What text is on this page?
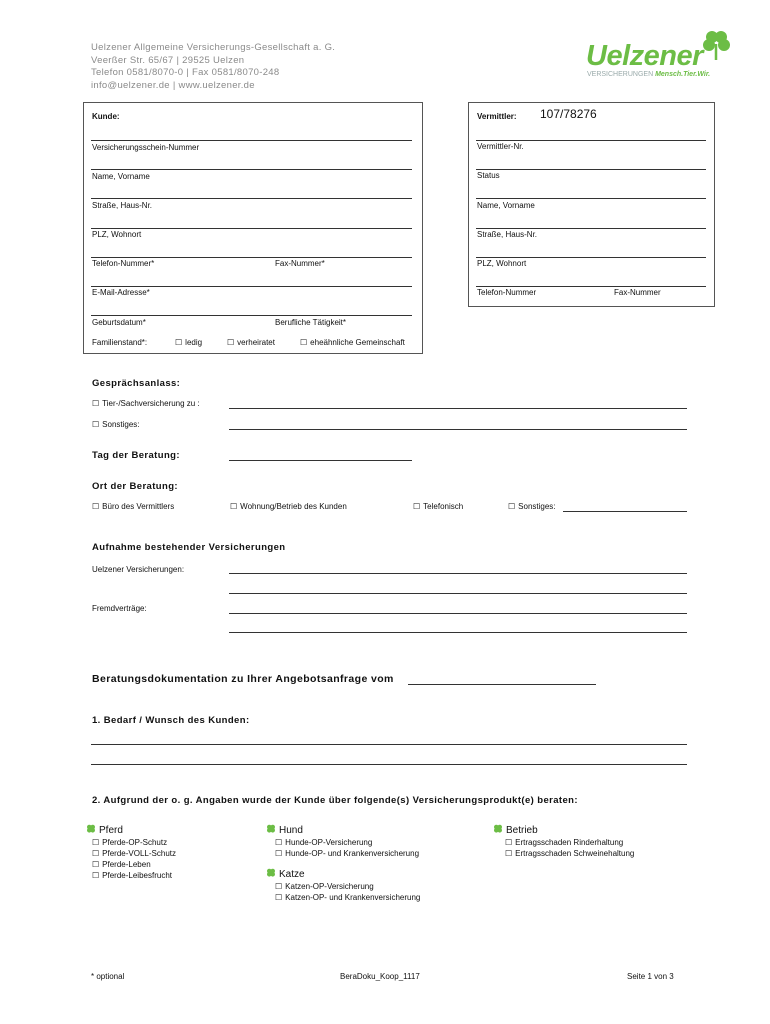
Uelzener Allgemeine Versicherungs-Gesellschaft a. G.
Veerßer Str. 65/67 | 29525 Uelzen
Telefon 0581/8070-0 | Fax 0581/8070-248
info@uelzener.de | www.uelzener.de
Uelzener
VERSICHERUNGEN Mensch.Tier.Wir.
Kunde:
Versicherungsschein-Nummer
Name, Vorname
Straße, Haus-Nr.
PLZ, Wohnort
Telefon-Nummer*	Fax-Nummer*
E-Mail-Adresse*
Geburtsdatum*	Berufliche Tätigkeit*
Familienstand*:	☐ ledig	☐ verheiratet	☐ eheähnliche Gemeinschaft
Vermittler: 107/78276
Vermittler-Nr.
Status
Name, Vorname
Straße, Haus-Nr.
PLZ, Wohnort
Telefon-Nummer	Fax-Nummer
Gesprächsanlass:
☐ Tier-/Sachversicherung zu :
☐ Sonstiges:
Tag der Beratung:
Ort der Beratung:
☐ Büro des Vermittlers	☐ Wohnung/Betrieb des Kunden	☐ Telefonisch	☐ Sonstiges:
Aufnahme bestehender Versicherungen
Uelzener Versicherungen:
Fremdverträge:
Beratungsdokumentation zu Ihrer Angebotsanfrage vom
1. Bedarf / Wunsch des Kunden:
2. Aufgrund der o. g. Angaben wurde der Kunde über folgende(s) Versicherungsprodukt(e) beraten:
Pferd
☐ Pferde-OP-Schutz
☐ Pferde-VOLL-Schutz
☐ Pferde-Leben
☐ Pferde-Leibesfrucht
Hund
☐ Hunde-OP-Versicherung
☐ Hunde-OP- und Krankenversicherung
Katze
☐ Katzen-OP-Versicherung
☐ Katzen-OP- und Krankenversicherung
Betrieb
☐ Ertragsschaden Rinderhaltung
☐ Ertragsschaden Schweinehaltung
* optional	BeraDoku_Koop_1117	Seite 1 von 3
